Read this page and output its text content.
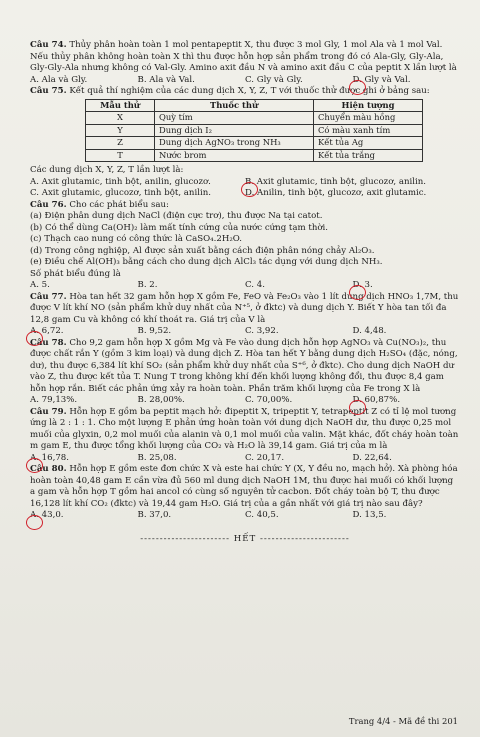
Câu 74. Thủy phân hoàn toàn 1 mol pentapeptit X, thu được 3 mol Gly, 1 mol Ala và 1 mol Val. Nếu thủy phân không hoàn toàn X thì thu được hỗn hợp sản phẩm trong đó có Ala-Gly, Gly-Ala, Gly-Gly-Ala nhưng không có Val-Gly. Amino axit đầu N và amino axit đầu C của peptit X lần lượt là

A. Ala và Gly.	B. Ala và Val.	C. Gly và Gly.	D. Gly và Val.

Câu 75. Kết quả thí nghiệm của các dung dịch X, Y, Z, T với thuốc thử được ghi ở bảng sau:

Mẫu thử	Thuốc thử	Hiện tượng
X	Quỳ tím	Chuyển màu hồng
Y	Dung dịch I₂	Có màu xanh tím
Z	Dung dịch AgNO₃ trong NH₃	Kết tủa Ag
T	Nước brom	Kết tủa trắng

Các dung dịch X, Y, Z, T lần lượt là:

A. Axit glutamic, tinh bột, anilin, glucozơ.	B. Axit glutamic, tinh bột, glucozơ, anilin.
C. Axit glutamic, glucozơ, tinh bột, anilin.	D. Anilin, tinh bột, glucozơ, axit glutamic.

Câu 76. Cho các phát biểu sau:

(a) Điện phân dung dịch NaCl (điện cực trơ), thu được Na tại catot.

(b) Có thể dùng Ca(OH)₂ làm mất tính cứng của nước cứng tạm thời.

(c) Thạch cao nung có công thức là CaSO₄.2H₂O.

(d) Trong công nghiệp, Al được sản xuất bằng cách điện phân nóng chảy Al₂O₃.

(e) Điều chế Al(OH)₃ bằng cách cho dung dịch AlCl₃ tác dụng với dung dịch NH₃.

Số phát biểu đúng là

A. 5.	B. 2.	C. 4.	D. 3.

Câu 77. Hòa tan hết 32 gam hỗn hợp X gồm Fe, FeO và Fe₂O₃ vào 1 lít dung dịch HNO₃ 1,7M, thu được V lít khí NO (sản phẩm khử duy nhất của N⁺⁵, ở đktc) và dung dịch Y. Biết Y hòa tan tối đa 12,8 gam Cu và không có khí thoát ra. Giá trị của V là

A. 6,72.	B. 9,52.	C. 3,92.	D. 4,48.

Câu 78. Cho 9,2 gam hỗn hợp X gồm Mg và Fe vào dung dịch hỗn hợp AgNO₃ và Cu(NO₃)₂, thu được chất rắn Y (gồm 3 kim loại) và dung dịch Z. Hòa tan hết Y bằng dung dịch H₂SO₄ (đặc, nóng, dư), thu được 6,384 lít khí SO₂ (sản phẩm khử duy nhất của S⁺⁶, ở đktc). Cho dung dịch NaOH dư vào Z, thu được kết tủa T. Nung T trong không khí đến khối lượng không đổi, thu được 8,4 gam hỗn hợp rắn. Biết các phản ứng xảy ra hoàn toàn. Phần trăm khối lượng của Fe trong X là

A. 79,13%.	B. 28,00%.	C. 70,00%.	D. 60,87%.

Câu 79. Hỗn hợp E gồm ba peptit mạch hở: đipeptit X, tripeptit Y, tetrapeptit Z có tỉ lệ mol tương ứng là 2 : 1 : 1. Cho một lượng E phản ứng hoàn toàn với dung dịch NaOH dư, thu được 0,25 mol muối của glyxin, 0,2 mol muối của alanin và 0,1 mol muối của valin. Mặt khác, đốt cháy hoàn toàn m gam E, thu được tổng khối lượng của CO₂ và H₂O là 39,14 gam. Giá trị của m là

A. 16,78.	B. 25,08.	C. 20,17.	D. 22,64.

Câu 80. Hỗn hợp E gồm este đơn chức X và este hai chức Y (X, Y đều no, mạch hở). Xà phòng hóa hoàn toàn 40,48 gam E cần vừa đủ 560 ml dung dịch NaOH 1M, thu được hai muối có khối lượng a gam và hỗn hợp T gồm hai ancol có cùng số nguyên tử cacbon. Đốt cháy toàn bộ T, thu được 16,128 lít khí CO₂ (đktc) và 19,44 gam H₂O. Giá trị của a gần nhất với giá trị nào sau đây?

A. 43,0.	B. 37,0.	C. 40,5.	D. 13,5.
----------------------- HẾT -----------------------
Trang 4/4 - Mã đề thi 201
